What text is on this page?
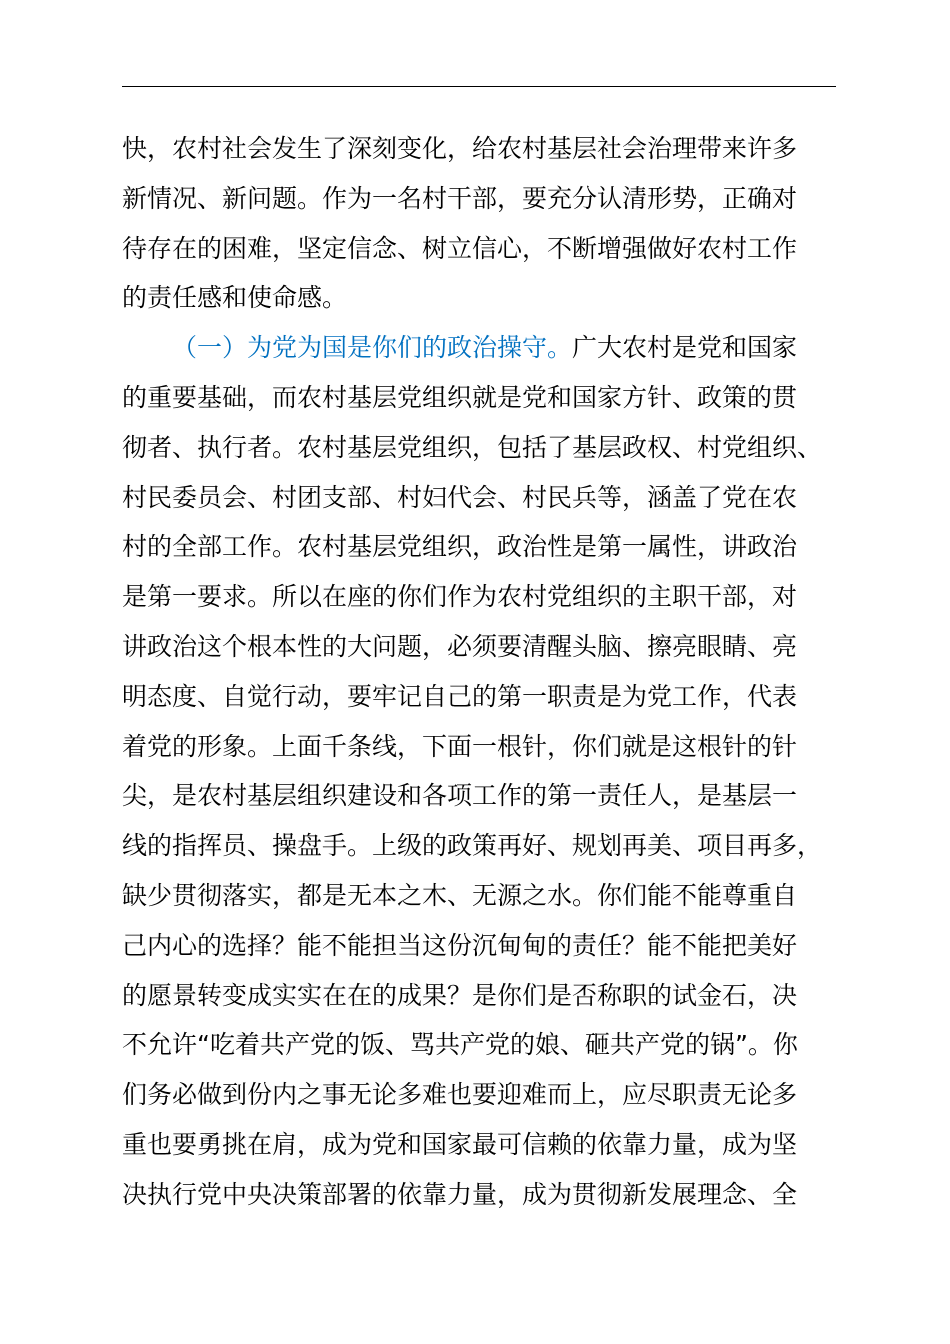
快，农村社会发生了深刻变化，给农村基层社会治理带来许多
新情况、新问题。作为一名村干部，要充分认清形势，正确对
待存在的困难，坚定信念、树立信心，不断增强做好农村工作
的责任感和使命感。
（一）为党为国是你们的政治操守。广大农村是党和国家
的重要基础，而农村基层党组织就是党和国家方针、政策的贯
彻者、执行者。农村基层党组织，包括了基层政权、村党组织、
村民委员会、村团支部、村妇代会、村民兵等，涵盖了党在农
村的全部工作。农村基层党组织，政治性是第一属性，讲政治
是第一要求。所以在座的你们作为农村党组织的主职干部，对
讲政治这个根本性的大问题，必须要清醒头脑、擦亮眼睛、亮
明态度、自觉行动，要牢记自己的第一职责是为党工作，代表
着党的形象。上面千条线，下面一根针，你们就是这根针的针
尖，是农村基层组织建设和各项工作的第一责任人，是基层一
线的指挥员、操盘手。上级的政策再好、规划再美、项目再多，
缺少贯彻落实，都是无本之木、无源之水。你们能不能尊重自
己内心的选择？能不能担当这份沉甸甸的责任？能不能把美好
的愿景转变成实实在在的成果？是你们是否称职的试金石，决
不允许“吃着共产党的饭、骂共产党的娘、砸共产党的锅”。你
们务必做到份内之事无论多难也要迎难而上，应尽职责无论多
重也要勇挑在肩，成为党和国家最可信赖的依靠力量，成为坚
决执行党中央决策部署的依靠力量，成为贯彻新发展理念、全
